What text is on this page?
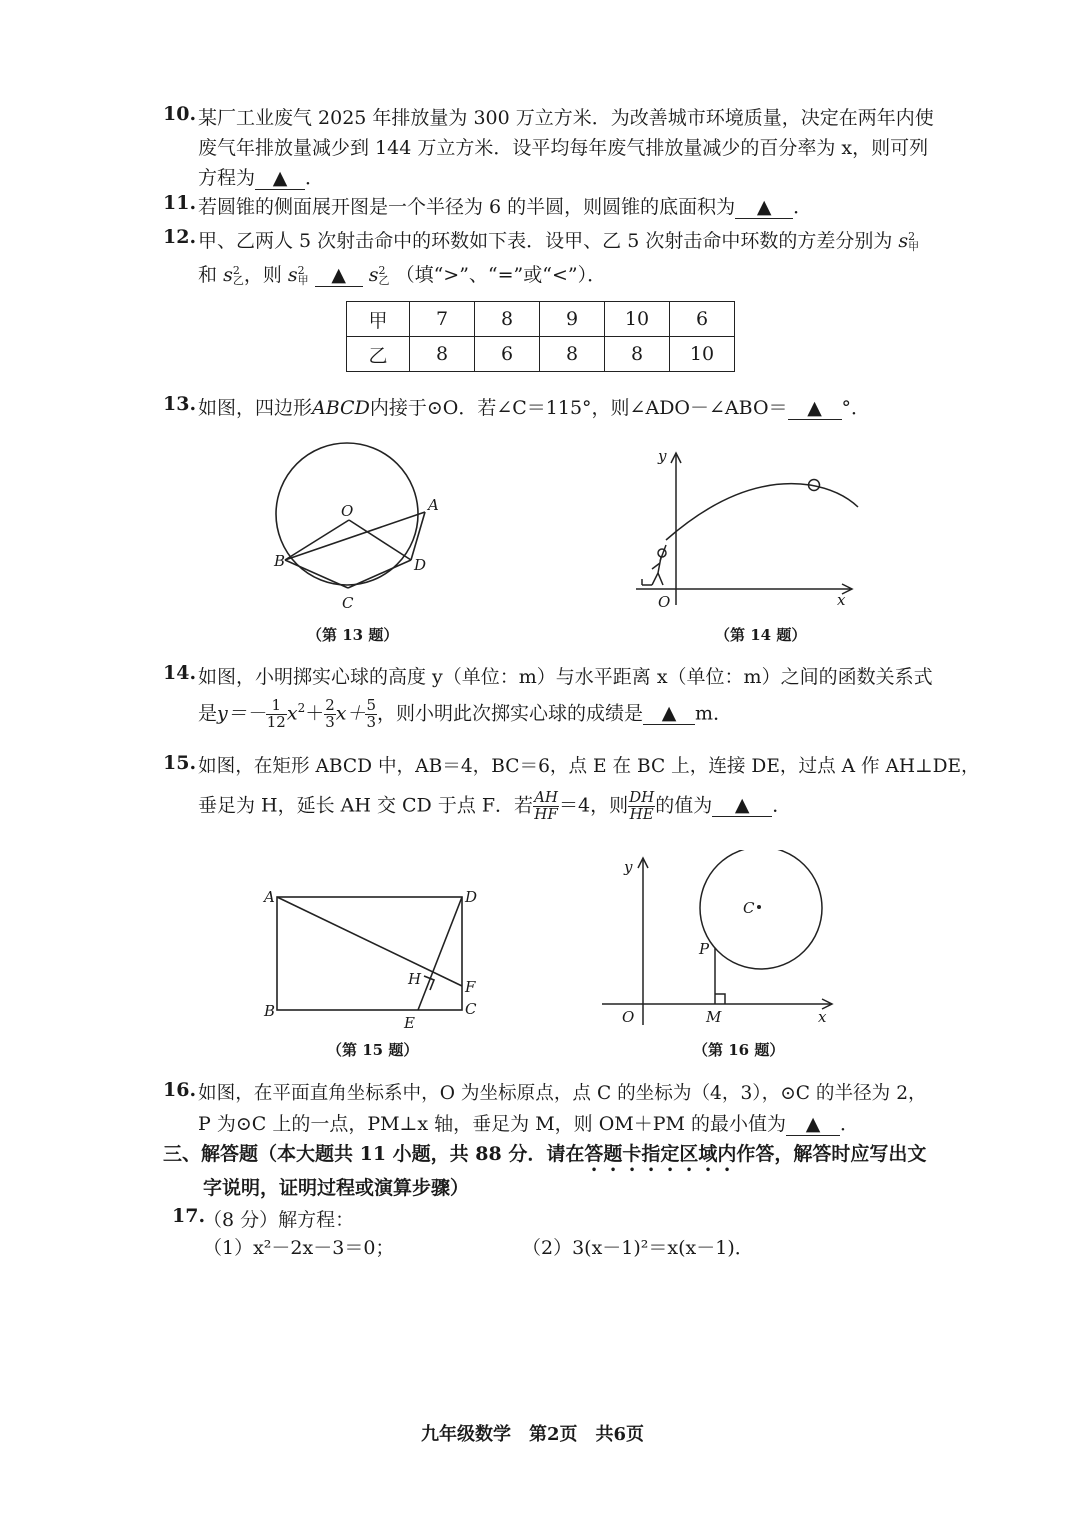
10. 某厂工业废气 2025 年排放量为 300 万立方米．为改善城市环境质量，决定在两年内使
废气年排放量减少到 144 万立方米．设平均每年废气排放量减少的百分率为 x，则可列
方程为 ▲ ．
11. 若圆锥的侧面展开图是一个半径为 6 的半圆，则圆锥的底面积为 ▲ ．
12. 甲、乙两人 5 次射击命中的环数如下表．设甲、乙 5 次射击命中环数的方差分别为 s 2
甲
和 s 2
乙 ，则 s 2
甲 ▲ s 2
乙 （填“>”、“=”或“<”）．
甲	7	8	9	10	6
乙	8	6	8	8	10
13. 如图，四边形ABCD内接于⊙O．若∠C＝115°，则∠ADO－∠ABO＝ ▲ °．
O	A
B	D
C
（第 13 题）
y
x
O
（第 14 题）
14. 如图，小明掷实心球的高度 y（单位：m）与水平距离 x（单位：m）之间的函数关系式
是$y=- \frac{1}{12} x^2+ \frac{2}{3} x+ \frac{5}{3}$ ，则小明此次掷实心球的成绩是 ▲ m．
15. 如图，在矩形 ABCD 中，AB＝4，BC＝6，点 E 在 BC 上，连接 DE，过点 A 作 AH⊥DE，
垂足为 H，延长 AH 交 CD 于点 F．若 $\frac{AH}{HF} =4$，则 $\frac{DH}{HE}$ 的值为 ▲ ．
A	D
B	C
F
H
E
（第 15 题）
y
x
O
C
P
M
（第 16 题）
16. 如图，在平面直角坐标系中，O 为坐标原点，点 C 的坐标为（4，3），⊙C 的半径为 2，
P 为⊙C 上的一点，PM⊥x 轴，垂足为 M，则 OM＋PM 的最小值为 ▲ ．
三、解答题（本大题共 11 小题，共 88 分．请在答题卡指定区域内作答，解答时应写出文
字说明，证明过程或演算步骤）
17.
（8 分）解方程：
（1）x²－2x－3＝0；	（2）3(x－1)²＝x(x－1)．
九年级数学　第2页　共6页
